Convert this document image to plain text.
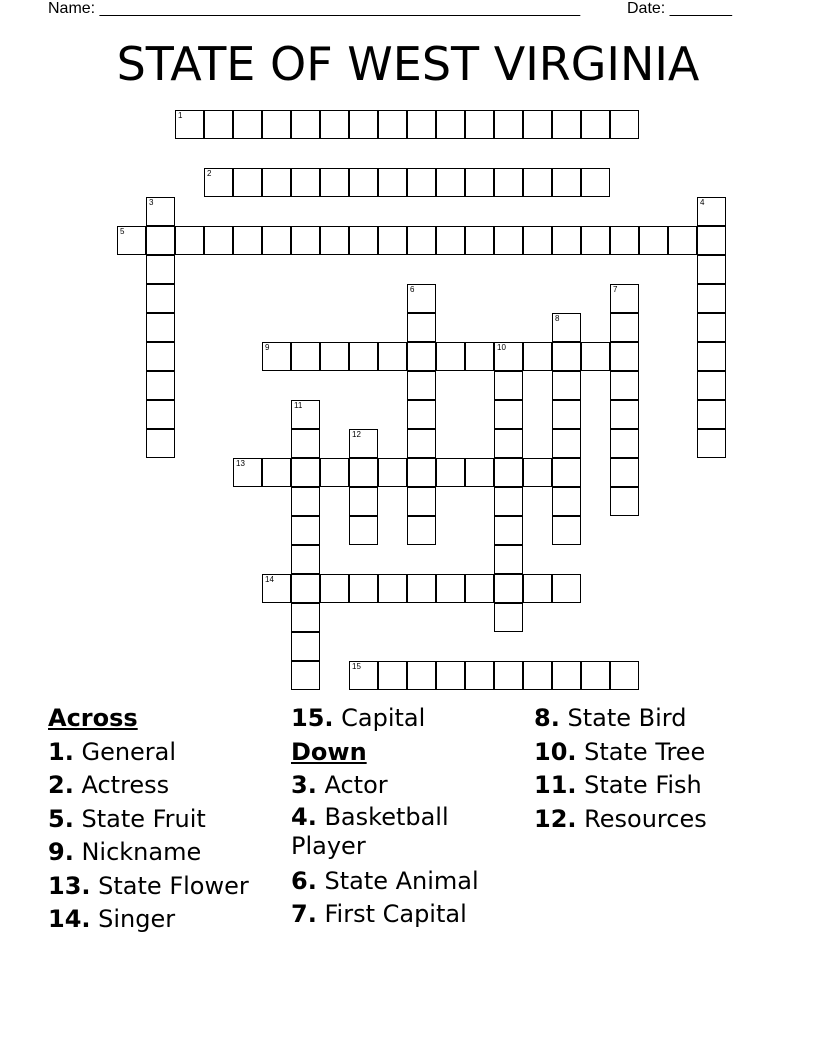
Name: ______________________________________________________	Date: _______
STATE OF WEST VIRGINIA
1
2
3	4
5
6	7
8
9	10
11
12
13
14
15
Across
1. General
2. Actress
5. State Fruit
9. Nickname
13. State Flower
14. Singer
15. Capital
Down
3. Actor
4. Basketball Player
6. State Animal
7. First Capital
8. State Bird
10. State Tree
11. State Fish
12. Resources
